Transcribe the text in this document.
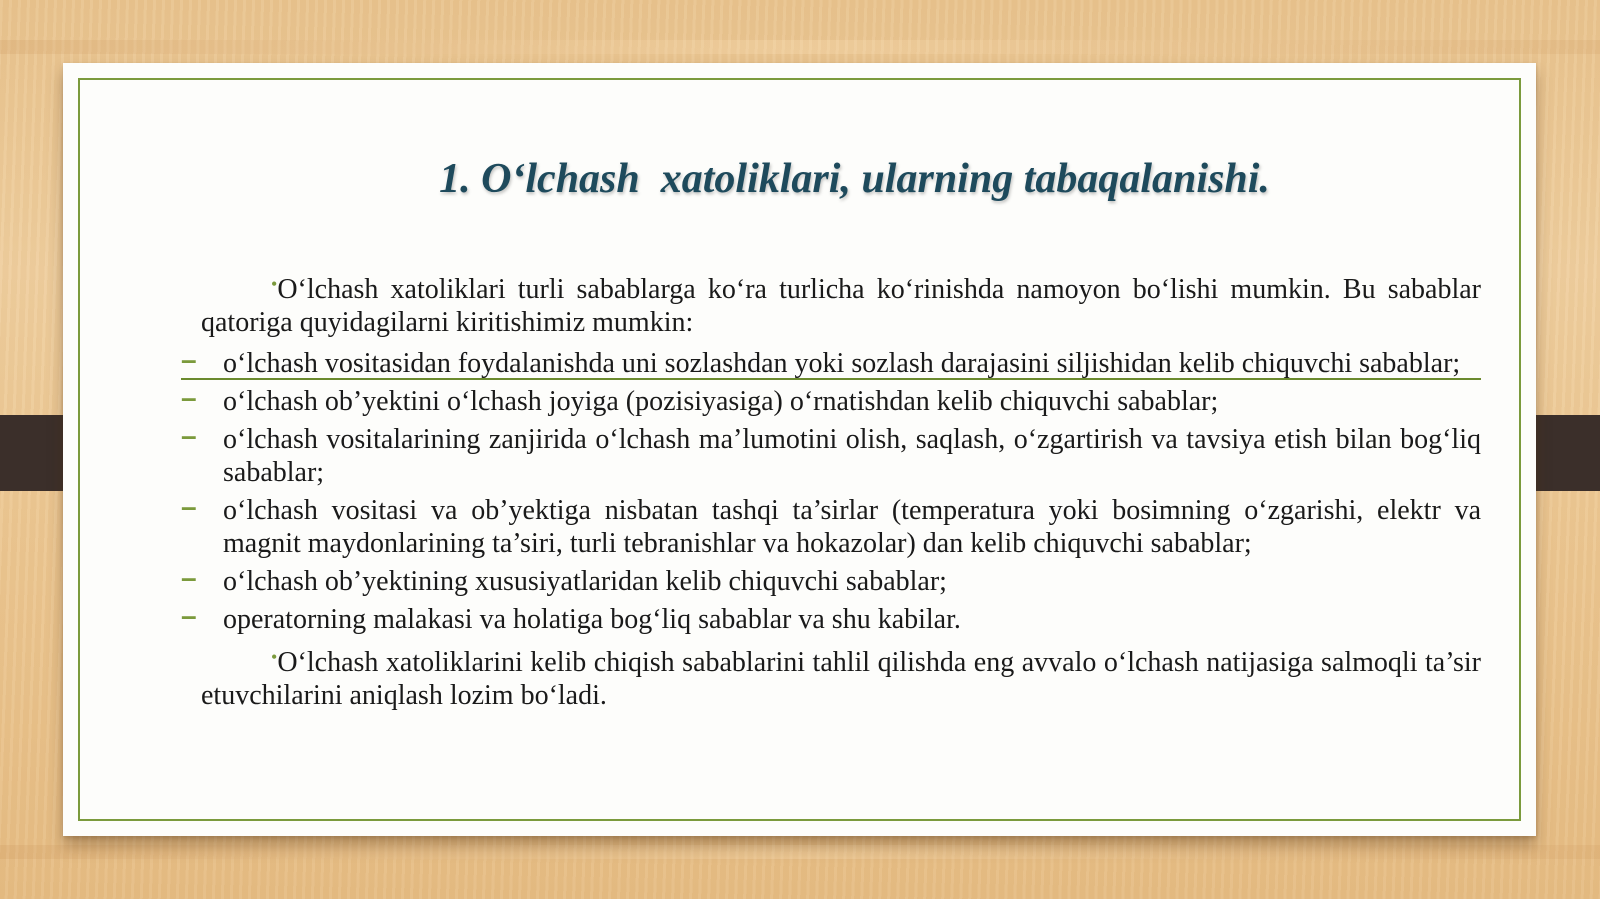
1. O‘lchash  xatoliklari, ularning tabaqalanishi.

•O‘lchash xatoliklari turli sabablarga ko‘ra turlicha ko‘rinishda namoyon bo‘lishi mumkin. Bu sabablar qatoriga quyidagilarni kiritishimiz mumkin:

– o‘lchash vositasidan foydalanishda uni sozlashdan yoki sozlash darajasini siljishidan kelib chiquvchi sabablar;
– o‘lchash ob’yektini o‘lchash joyiga (pozisiyasiga) o‘rnatishdan kelib chiquvchi sabablar;
– o‘lchash vositalarining zanjirida o‘lchash ma’lumotini olish, saqlash, o‘zgartirish va tavsiya etish bilan bog‘liq sabablar;
– o‘lchash vositasi va ob’yektiga nisbatan tashqi ta’sirlar (temperatura yoki bosimning o‘zgarishi, elektr va magnit maydonlarining ta’siri, turli tebranishlar va hokazolar) dan kelib chiquvchi sabablar;
– o‘lchash ob’yektining xususiyatlaridan kelib chiquvchi sabablar;
– operatorning malakasi va holatiga bog‘liq sabablar va shu kabilar.

•O‘lchash xatoliklarini kelib chiqish sabablarini tahlil qilishda eng avvalo o‘lchash natijasiga salmoqli ta’sir etuvchilarini aniqlash lozim bo‘ladi.
